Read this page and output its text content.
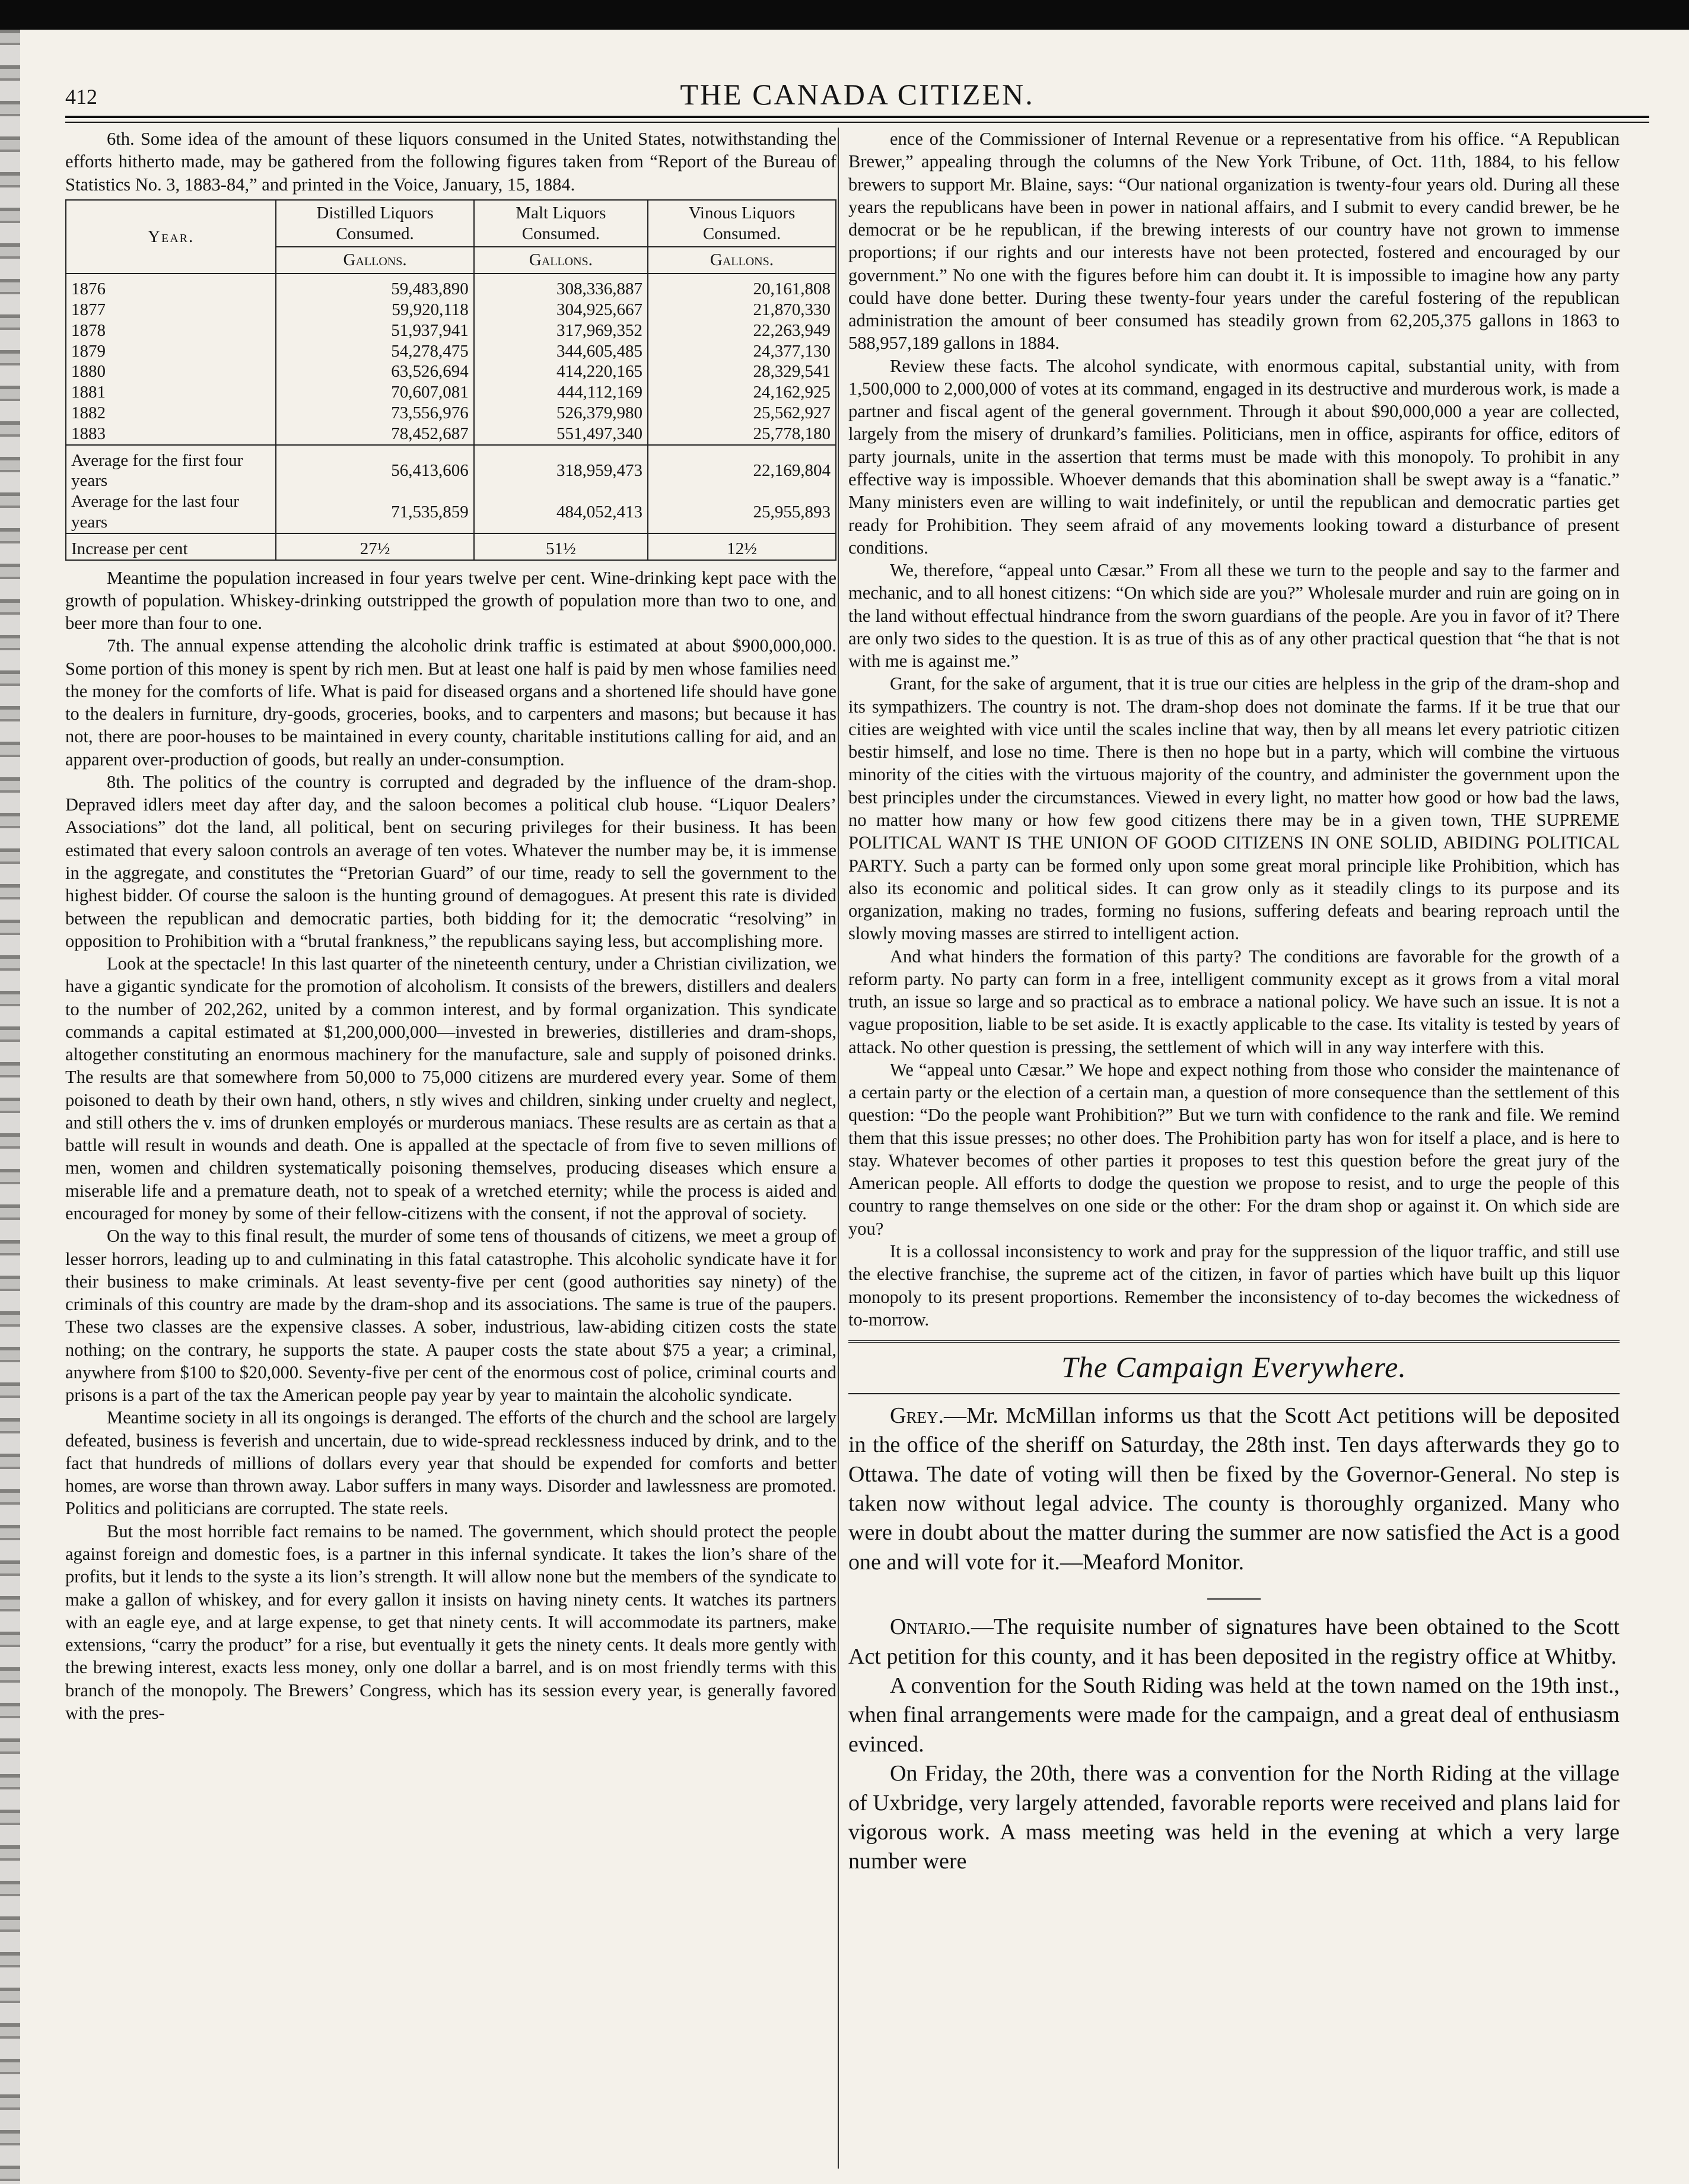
412	THE CANADA CITIZEN.

6th. Some idea of the amount of these liquors consumed in the United States, notwithstanding the efforts hitherto made, may be gathered from the following figures taken from “Report of the Bureau of Statistics No. 3, 1883-84,” and printed in the Voice, January, 15, 1884.

Year.	Distilled Liquors Consumed.	Malt Liquors Consumed.	Vinous Liquors Consumed.
	Gallons.	Gallons.	Gallons.
1876	59,483,890	308,336,887	20,161,808
1877	59,920,118	304,925,667	21,870,330
1878	51,937,941	317,969,352	22,263,949
1879	54,278,475	344,605,485	24,377,130
1880	63,526,694	414,220,165	28,329,541
1881	70,607,081	444,112,169	24,162,925
1882	73,556,976	526,379,980	25,562,927
1883	78,452,687	551,497,340	25,778,180
Average for the first four years	56,413,606	318,959,473	22,169,804
Average for the last four years	71,535,859	484,052,413	25,955,893
Increase per cent	27½	51½	12½

Meantime the population increased in four years twelve per cent. Wine-drinking kept pace with the growth of population. Whiskey-drinking outstripped the growth of population more than two to one, and beer more than four to one.

7th. The annual expense attending the alcoholic drink traffic is estimated at about $900,000,000. Some portion of this money is spent by rich men. But at least one half is paid by men whose families need the money for the comforts of life. What is paid for diseased organs and a shortened life should have gone to the dealers in furniture, dry-goods, groceries, books, and to carpenters and masons; but because it has not, there are poor-houses to be maintained in every county, charitable institutions calling for aid, and an apparent over-production of goods, but really an under-consumption.

8th. The politics of the country is corrupted and degraded by the influence of the dram-shop. Depraved idlers meet day after day, and the saloon becomes a political club house. “Liquor Dealers’ Associations” dot the land, all political, bent on securing privileges for their business. It has been estimated that every saloon controls an average of ten votes. Whatever the number may be, it is immense in the aggregate, and constitutes the “Pretorian Guard” of our time, ready to sell the government to the highest bidder. Of course the saloon is the hunting ground of demagogues. At present this rate is divided between the republican and democratic parties, both bidding for it; the democratic “resolving” in opposition to Prohibition with a “brutal frankness,” the republicans saying less, but accomplishing more.

Look at the spectacle! In this last quarter of the nineteenth century, under a Christian civilization, we have a gigantic syndicate for the promotion of alcoholism. It consists of the brewers, distillers and dealers to the number of 202,262, united by a common interest, and by formal organization. This syndicate commands a capital estimated at $1,200,000,000—invested in breweries, distilleries and dram-shops, altogether constituting an enormous machinery for the manufacture, sale and supply of poisoned drinks. The results are that somewhere from 50,000 to 75,000 citizens are murdered every year. Some of them poisoned to death by their own hand, others, n stly wives and children, sinking under cruelty and neglect, and still others the v. ims of drunken employés or murderous maniacs. These results are as certain as that a battle will result in wounds and death. One is appalled at the spectacle of from five to seven millions of men, women and children systematically poisoning themselves, producing diseases which ensure a miserable life and a premature death, not to speak of a wretched eternity; while the process is aided and encouraged for money by some of their fellow-citizens with the consent, if not the approval of society.

On the way to this final result, the murder of some tens of thousands of citizens, we meet a group of lesser horrors, leading up to and culminating in this fatal catastrophe. This alcoholic syndicate have it for their business to make criminals. At least seventy-five per cent (good authorities say ninety) of the criminals of this country are made by the dram-shop and its associations. The same is true of the paupers. These two classes are the expensive classes. A sober, industrious, law-abiding citizen costs the state nothing; on the contrary, he supports the state. A pauper costs the state about $75 a year; a criminal, anywhere from $100 to $20,000. Seventy-five per cent of the enormous cost of police, criminal courts and prisons is a part of the tax the American people pay year by year to maintain the alcoholic syndicate.

Meantime society in all its ongoings is deranged. The efforts of the church and the school are largely defeated, business is feverish and uncertain, due to wide-spread recklessness induced by drink, and to the fact that hundreds of millions of dollars every year that should be expended for comforts and better homes, are worse than thrown away. Labor suffers in many ways. Disorder and lawlessness are promoted. Politics and politicians are corrupted. The state reels.

But the most horrible fact remains to be named. The government, which should protect the people against foreign and domestic foes, is a partner in this infernal syndicate. It takes the lion’s share of the profits, but it lends to the syste a its lion’s strength. It will allow none but the members of the syndicate to make a gallon of whiskey, and for every gallon it insists on having ninety cents. It watches its partners with an eagle eye, and at large expense, to get that ninety cents. It will accommodate its partners, make extensions, “carry the product” for a rise, but eventually it gets the ninety cents. It deals more gently with the brewing interest, exacts less money, only one dollar a barrel, and is on most friendly terms with this branch of the monopoly. The Brewers’ Congress, which has its session every year, is generally favored with the pres-

ence of the Commissioner of Internal Revenue or a representative from his office. “A Republican Brewer,” appealing through the columns of the New York Tribune, of Oct. 11th, 1884, to his fellow brewers to support Mr. Blaine, says: “Our national organization is twenty-four years old. During all these years the republicans have been in power in national affairs, and I submit to every candid brewer, be he democrat or be he republican, if the brewing interests of our country have not grown to immense proportions; if our rights and our interests have not been protected, fostered and encouraged by our government.” No one with the figures before him can doubt it. It is impossible to imagine how any party could have done better. During these twenty-four years under the careful fostering of the republican administration the amount of beer consumed has steadily grown from 62,205,375 gallons in 1863 to 588,957,189 gallons in 1884.

Review these facts. The alcohol syndicate, with enormous capital, substantial unity, with from 1,500,000 to 2,000,000 of votes at its command, engaged in its destructive and murderous work, is made a partner and fiscal agent of the general government. Through it about $90,000,000 a year are collected, largely from the misery of drunkard’s families. Politicians, men in office, aspirants for office, editors of party journals, unite in the assertion that terms must be made with this monopoly. To prohibit in any effective way is impossible. Whoever demands that this abomination shall be swept away is a “fanatic.” Many ministers even are willing to wait indefinitely, or until the republican and democratic parties get ready for Prohibition. They seem afraid of any movements looking toward a disturbance of present conditions.

We, therefore, “appeal unto Cæsar.” From all these we turn to the people and say to the farmer and mechanic, and to all honest citizens: “On which side are you?” Wholesale murder and ruin are going on in the land without effectual hindrance from the sworn guardians of the people. Are you in favor of it? There are only two sides to the question. It is as true of this as of any other practical question that “he that is not with me is against me.”

Grant, for the sake of argument, that it is true our cities are helpless in the grip of the dram-shop and its sympathizers. The country is not. The dram-shop does not dominate the farms. If it be true that our cities are weighted with vice until the scales incline that way, then by all means let every patriotic citizen bestir himself, and lose no time. There is then no hope but in a party, which will combine the virtuous minority of the cities with the virtuous majority of the country, and administer the government upon the best principles under the circumstances. Viewed in every light, no matter how good or how bad the laws, no matter how many or how few good citizens there may be in a given town, THE SUPREME POLITICAL WANT IS THE UNION OF GOOD CITIZENS IN ONE SOLID, ABIDING POLITICAL PARTY. Such a party can be formed only upon some great moral principle like Prohibition, which has also its economic and political sides. It can grow only as it steadily clings to its purpose and its organization, making no trades, forming no fusions, suffering defeats and bearing reproach until the slowly moving masses are stirred to intelligent action.

And what hinders the formation of this party? The conditions are favorable for the growth of a reform party. No party can form in a free, intelligent community except as it grows from a vital moral truth, an issue so large and so practical as to embrace a national policy. We have such an issue. It is not a vague proposition, liable to be set aside. It is exactly applicable to the case. Its vitality is tested by years of attack. No other question is pressing, the settlement of which will in any way interfere with this.

We “appeal unto Cæsar.” We hope and expect nothing from those who consider the maintenance of a certain party or the election of a certain man, a question of more consequence than the settlement of this question: “Do the people want Prohibition?” But we turn with confidence to the rank and file. We remind them that this issue presses; no other does. The Prohibition party has won for itself a place, and is here to stay. Whatever becomes of other parties it proposes to test this question before the great jury of the American people. All efforts to dodge the question we propose to resist, and to urge the people of this country to range themselves on one side or the other: For the dram shop or against it. On which side are you?

It is a collossal inconsistency to work and pray for the suppression of the liquor traffic, and still use the elective franchise, the supreme act of the citizen, in favor of parties which have built up this liquor monopoly to its present proportions. Remember the inconsistency of to-day becomes the wickedness of to-morrow.

The Campaign Everywhere.

Grey.—Mr. McMillan informs us that the Scott Act petitions will be deposited in the office of the sheriff on Saturday, the 28th inst. Ten days afterwards they go to Ottawa. The date of voting will then be fixed by the Governor-General. No step is taken now without legal advice. The county is thoroughly organized. Many who were in doubt about the matter during the summer are now satisfied the Act is a good one and will vote for it.—Meaford Monitor.

Ontario.—The requisite number of signatures have been obtained to the Scott Act petition for this county, and it has been deposited in the registry office at Whitby.

A convention for the South Riding was held at the town named on the 19th inst., when final arrangements were made for the campaign, and a great deal of enthusiasm evinced.

On Friday, the 20th, there was a convention for the North Riding at the village of Uxbridge, very largely attended, favorable reports were received and plans laid for vigorous work. A mass meeting was held in the evening at which a very large number were
